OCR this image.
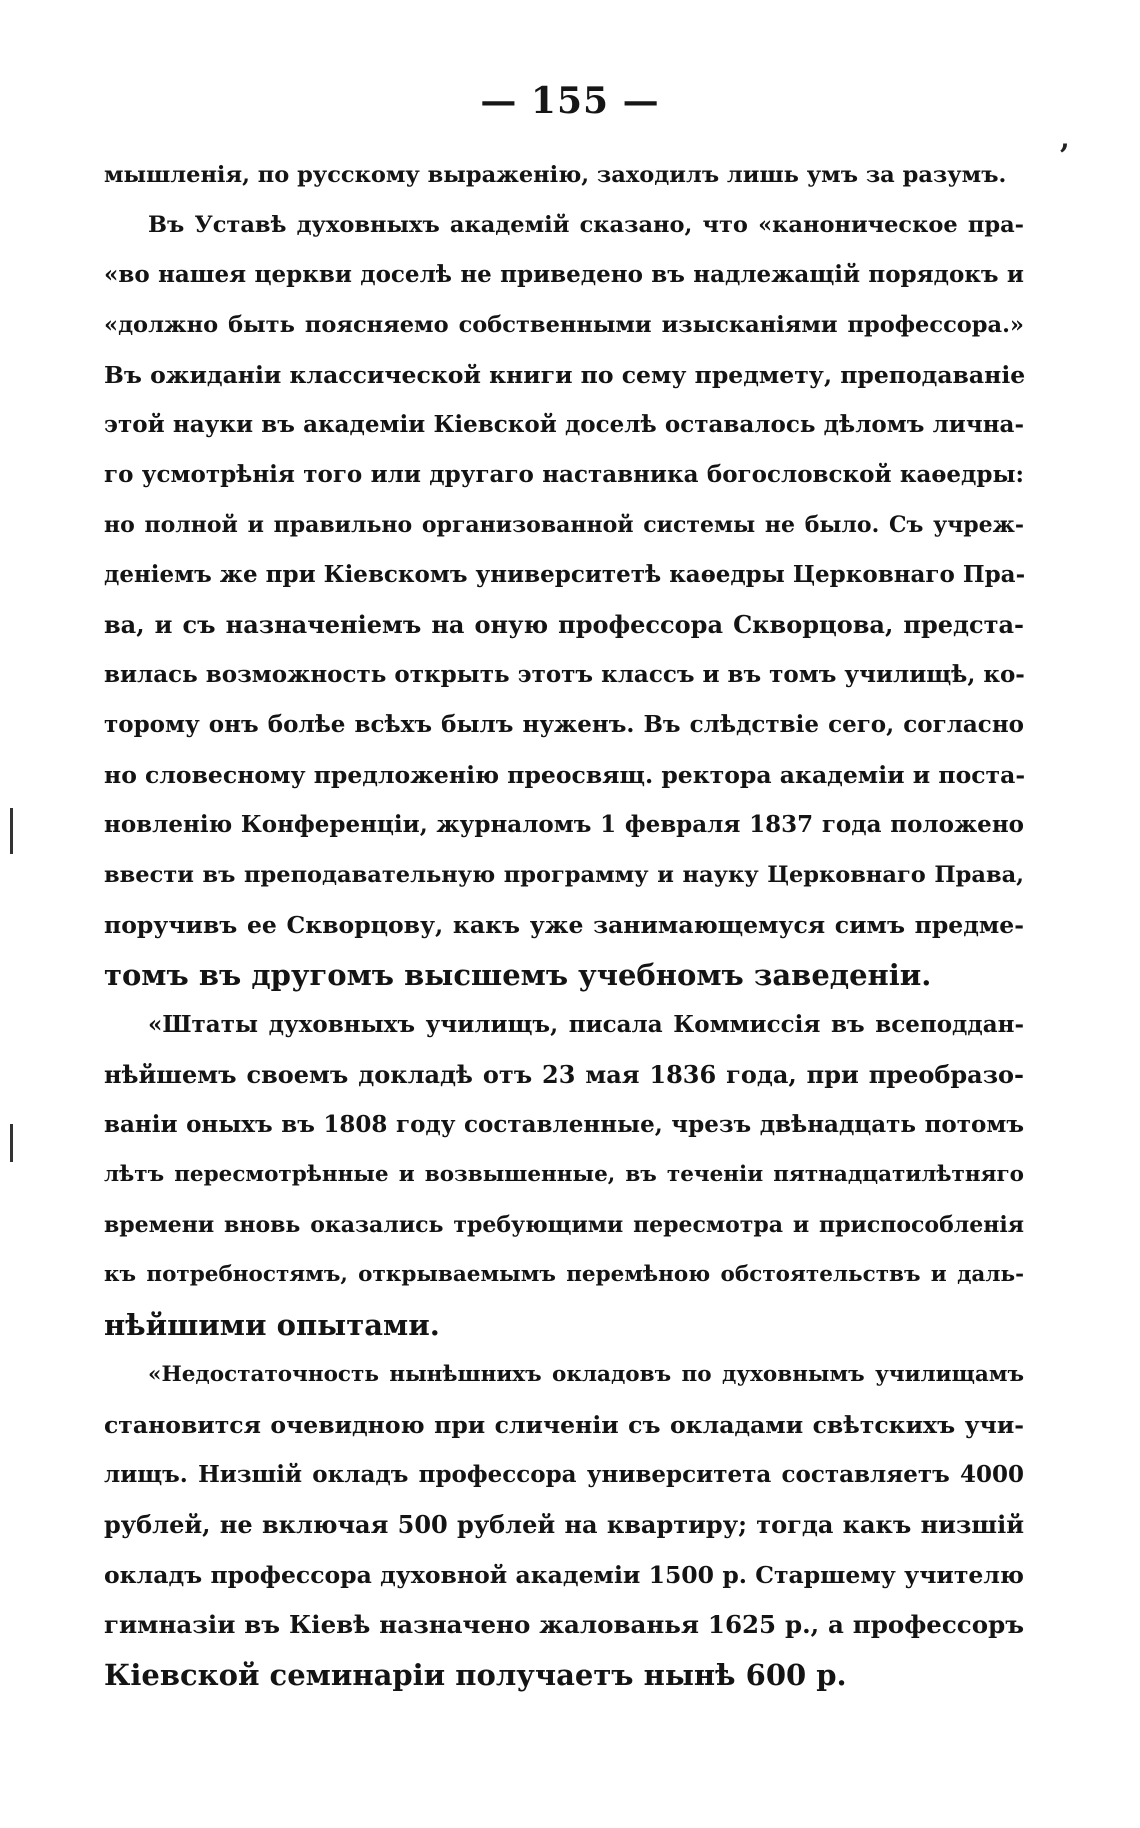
— 155 —
,
мышленія, по русскому выраженію, заходилъ лишь умъ за разумъ.
Въ Уставѣ духовныхъ академій сказано, что «каноническое пра-
«во нашея церкви доселѣ не приведено въ надлежащій порядокъ и
«должно быть поясняемо собственными изысканіями профессора.»
Въ ожиданіи классической книги по сему предмету, преподаваніе
этой науки въ академіи Кіевской доселѣ оставалось дѣломъ лична-
го усмотрѣнія того или другаго наставника богословской каѳедры:
но полной и правильно организованной системы не было. Съ учреж-
деніемъ же при Кіевскомъ университетѣ каѳедры Церковнаго Пра-
ва, и съ назначеніемъ на оную профессора Скворцова, предста-
вилась возможность открыть этотъ классъ и въ томъ училищѣ, ко-
торому онъ болѣе всѣхъ былъ нуженъ. Въ слѣдствіе сего, согласно
но словесному предложенію преосвящ. ректора академіи и поста-
новленію Конференціи, журналомъ 1 февраля 1837 года положено
ввести въ преподавательную программу и науку Церковнаго Права,
поручивъ ее Скворцову, какъ уже занимающемуся симъ предме-
томъ въ другомъ высшемъ учебномъ заведеніи.
«Штаты духовныхъ училищъ, писала Коммиссія въ всеподдан-
нѣйшемъ своемъ докладѣ отъ 23 мая 1836 года, при преобразо-
ваніи оныхъ въ 1808 году составленные, чрезъ двѣнадцать потомъ
лѣтъ пересмотрѣнные и возвышенные, въ теченіи пятнадцатилѣтняго
времени вновь оказались требующими пересмотра и приспособленія
къ потребностямъ, открываемымъ перемѣною обстоятельствъ и даль-
нѣйшими опытами.
«Недостаточность нынѣшнихъ окладовъ по духовнымъ училищамъ
становится очевидною при сличеніи съ окладами свѣтскихъ учи-
лищъ. Низшій окладъ профессора университета составляетъ 4000
рублей, не включая 500 рублей на квартиру; тогда какъ низшій
окладъ профессора духовной академіи 1500 р. Старшему учителю
гимназіи въ Кіевѣ назначено жалованья 1625 р., а профессоръ
Кіевской семинаріи получаетъ нынѣ 600 р.
